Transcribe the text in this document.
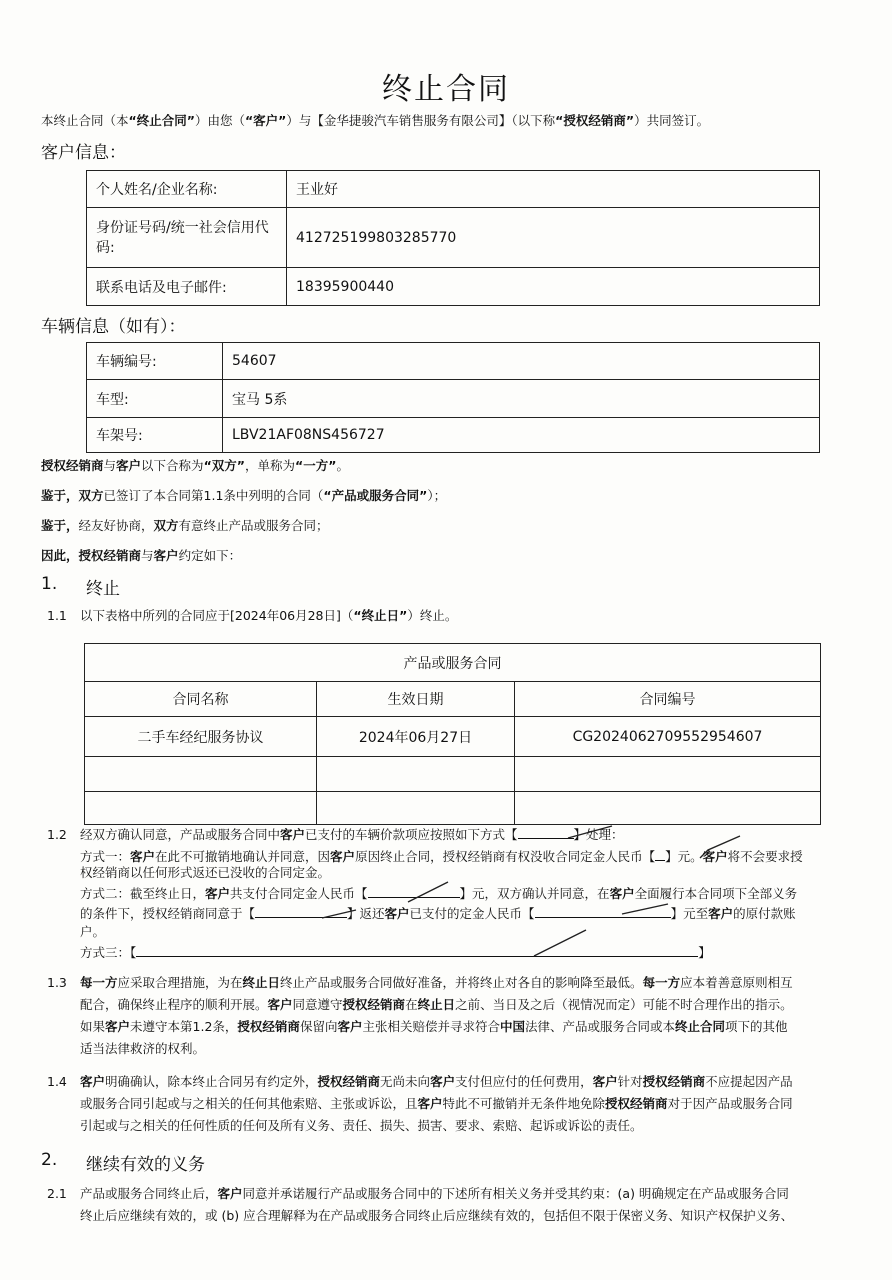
终止合同
本终止合同（本“终止合同”）由您（“客户”）与【金华捷骏汽车销售服务有限公司】（以下称“授权经销商”）共同签订。
客户信息：
个人姓名/企业名称:	王业好
身份证号码/统一社会信用代码:	412725199803285770
联系电话及电子邮件:	18395900440
车辆信息（如有）：
车辆编号:	54607
车型:	宝马 5系
车架号:	LBV21AF08NS456727
授权经销商与客户以下合称为“双方”，单称为“一方”。
鉴于，双方已签订了本合同第1.1条中列明的合同（“产品或服务合同”）；
鉴于，经友好协商，双方有意终止产品或服务合同；
因此，授权经销商与客户约定如下：
1. 终止
1.1 以下表格中所列的合同应于[2024年06月28日]（“终止日”）终止。
产品或服务合同		
合同名称	生效日期	合同编号
二手车经纪服务协议	2024年06月27日	CG2024062709552954607

1.2 经双方确认同意，产品或服务合同中客户已支付的车辆价款项应按照如下方式【	】处理：
方式一：客户在此不可撤销地确认并同意，因客户原因终止合同，授权经销商有权没收合同定金人民币【 】元。客户将不会要求授
权经销商以任何形式返还已没收的合同定金。
方式二：截至终止日，客户共支付合同定金人民币【	】元，双方确认并同意，在客户全面履行本合同项下全部义务
的条件下，授权经销商同意于【	】返还客户已支付的定金人民币【	】元至客户的原付款账
户。
方式三：【	】
1.3 每一方应采取合理措施，为在终止日终止产品或服务合同做好准备，并将终止对各自的影响降至最低。每一方应本着善意原则相互
配合，确保终止程序的顺利开展。客户同意遵守授权经销商在终止日之前、当日及之后（视情况而定）可能不时合理作出的指示。
如果客户未遵守本第1.2条，授权经销商保留向客户主张相关赔偿并寻求符合中国法律、产品或服务合同或本终止合同项下的其他
适当法律救济的权利。
1.4 客户明确确认，除本终止合同另有约定外，授权经销商无尚未向客户支付但应付的任何费用，客户针对授权经销商不应提起因产品
或服务合同引起或与之相关的任何其他索赔、主张或诉讼，且客户特此不可撤销并无条件地免除授权经销商对于因产品或服务合同
引起或与之相关的任何性质的任何及所有义务、责任、损失、损害、要求、索赔、起诉或诉讼的责任。
2. 继续有效的义务
2.1 产品或服务合同终止后，客户同意并承诺履行产品或服务合同中的下述所有相关义务并受其约束：(a) 明确规定在产品或服务合同
终止后应继续有效的，或 (b) 应合理解释为在产品或服务合同终止后应继续有效的，包括但不限于保密义务、知识产权保护义务、
